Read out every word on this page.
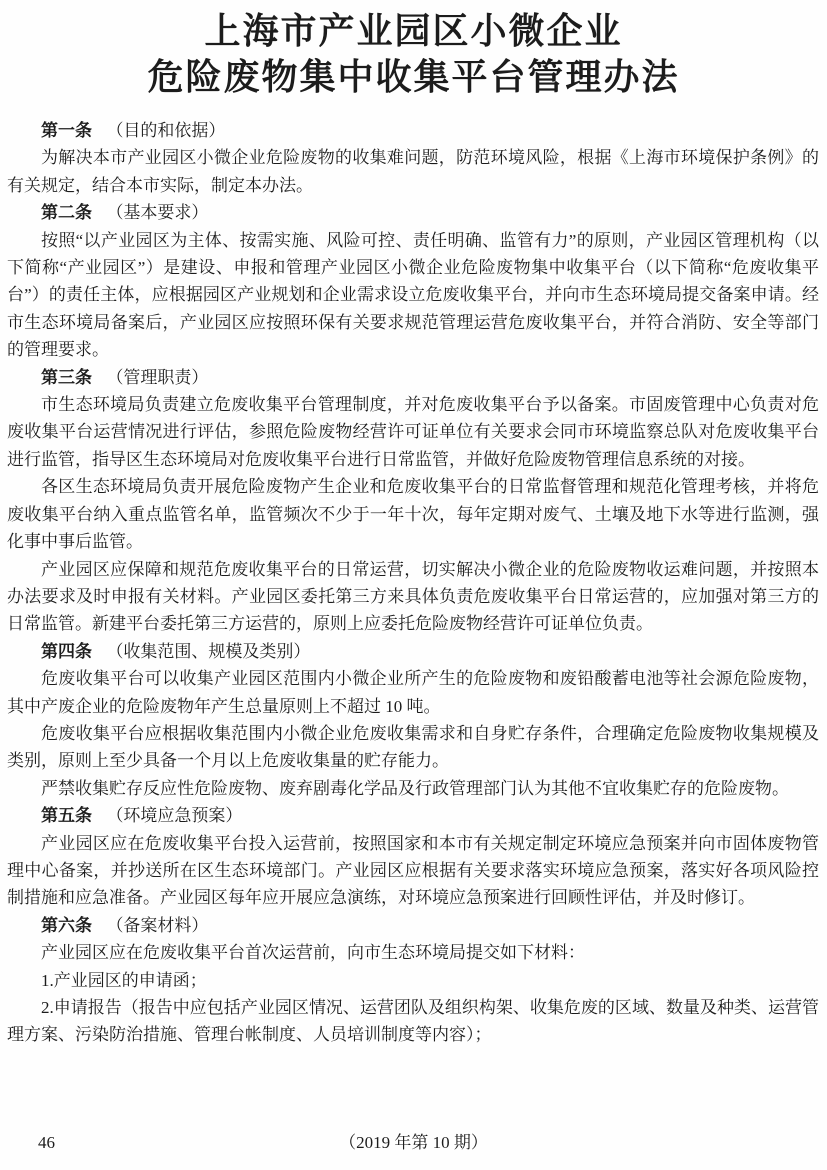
上海市产业园区小微企业
危险废物集中收集平台管理办法

第一条 （目的和依据）

为解决本市产业园区小微企业危险废物的收集难问题，防范环境风险，根据《上海市环境保护条例》的有关规定，结合本市实际，制定本办法。

第二条 （基本要求）

按照“以产业园区为主体、按需实施、风险可控、责任明确、监管有力”的原则，产业园区管理机构（以下简称“产业园区”）是建设、申报和管理产业园区小微企业危险废物集中收集平台（以下简称“危废收集平台”）的责任主体，应根据园区产业规划和企业需求设立危废收集平台，并向市生态环境局提交备案申请。经市生态环境局备案后，产业园区应按照环保有关要求规范管理运营危废收集平台，并符合消防、安全等部门的管理要求。

第三条 （管理职责）

市生态环境局负责建立危废收集平台管理制度，并对危废收集平台予以备案。市固废管理中心负责对危废收集平台运营情况进行评估，参照危险废物经营许可证单位有关要求会同市环境监察总队对危废收集平台进行监管，指导区生态环境局对危废收集平台进行日常监管，并做好危险废物管理信息系统的对接。

各区生态环境局负责开展危险废物产生企业和危废收集平台的日常监督管理和规范化管理考核，并将危废收集平台纳入重点监管名单，监管频次不少于一年十次，每年定期对废气、土壤及地下水等进行监测，强化事中事后监管。

产业园区应保障和规范危废收集平台的日常运营，切实解决小微企业的危险废物收运难问题，并按照本办法要求及时申报有关材料。产业园区委托第三方来具体负责危废收集平台日常运营的，应加强对第三方的日常监管。新建平台委托第三方运营的，原则上应委托危险废物经营许可证单位负责。

第四条 （收集范围、规模及类别）

危废收集平台可以收集产业园区范围内小微企业所产生的危险废物和废铅酸蓄电池等社会源危险废物，其中产废企业的危险废物年产生总量原则上不超过 10 吨。

危废收集平台应根据收集范围内小微企业危废收集需求和自身贮存条件，合理确定危险废物收集规模及类别，原则上至少具备一个月以上危废收集量的贮存能力。

严禁收集贮存反应性危险废物、废弃剧毒化学品及行政管理部门认为其他不宜收集贮存的危险废物。

第五条 （环境应急预案）

产业园区应在危废收集平台投入运营前，按照国家和本市有关规定制定环境应急预案并向市固体废物管理中心备案，并抄送所在区生态环境部门。产业园区应根据有关要求落实环境应急预案，落实好各项风险控制措施和应急准备。产业园区每年应开展应急演练，对环境应急预案进行回顾性评估，并及时修订。

第六条 （备案材料）

产业园区应在危废收集平台首次运营前，向市生态环境局提交如下材料：

1.产业园区的申请函；

2.申请报告（报告中应包括产业园区情况、运营团队及组织构架、收集危废的区域、数量及种类、运营管理方案、污染防治措施、管理台帐制度、人员培训制度等内容）；

46	（2019 年第 10 期）
